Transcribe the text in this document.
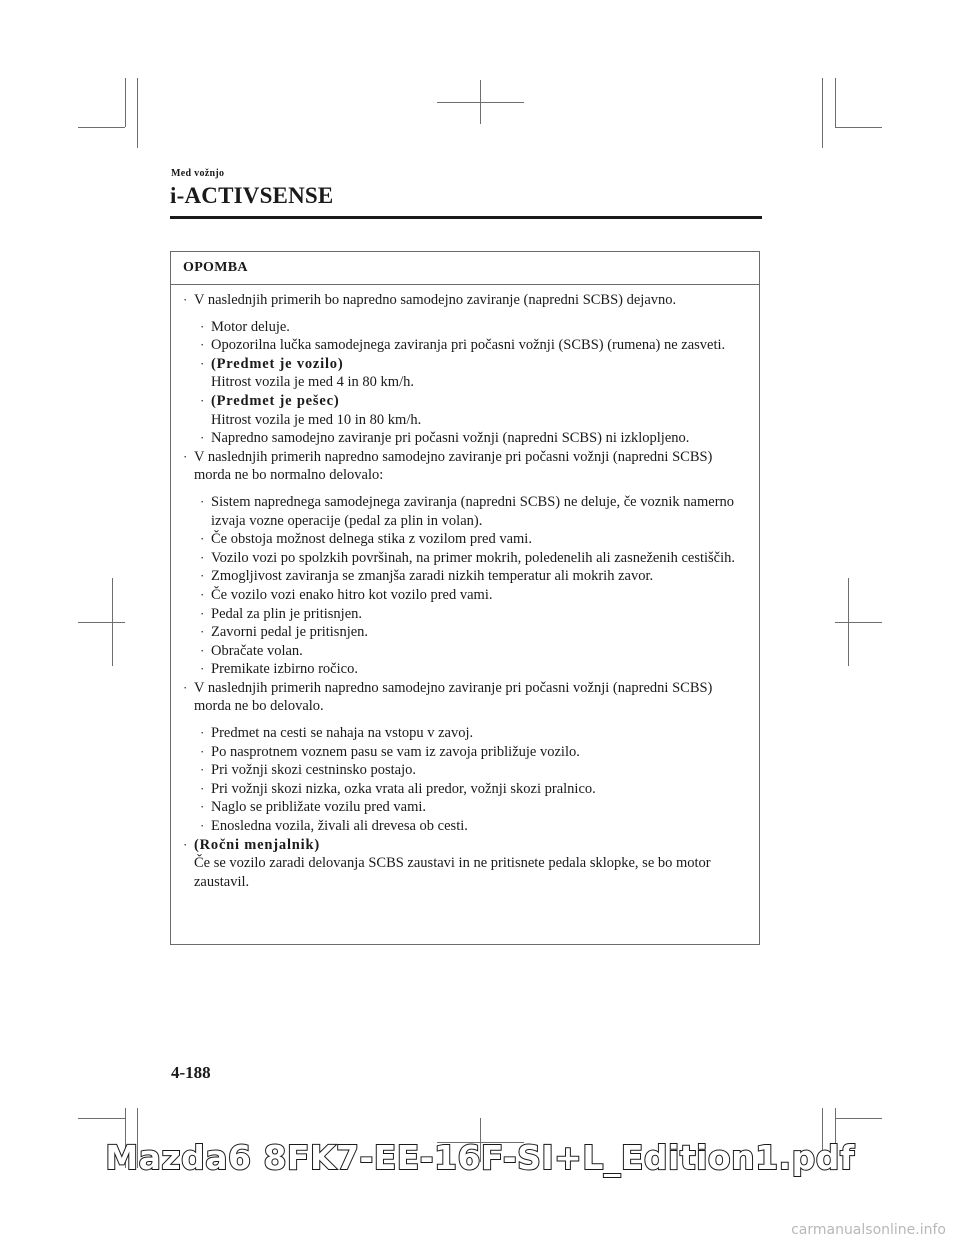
Med vožnjo
i-ACTIVSENSE
OPOMBA
· V naslednjih primerih bo napredno samodejno zaviranje (napredni SCBS) dejavno.
· Motor deluje.
· Opozorilna lučka samodejnega zaviranja pri počasni vožnji (SCBS) (rumena) ne zasveti.
· (Predmet je vozilo)
Hitrost vozila je med 4 in 80 km/h.
· (Predmet je pešec)
Hitrost vozila je med 10 in 80 km/h.
· Napredno samodejno zaviranje pri počasni vožnji (napredni SCBS) ni izklopljeno.
· V naslednjih primerih napredno samodejno zaviranje pri počasni vožnji (napredni SCBS) morda ne bo normalno delovalo:
· Sistem naprednega samodejnega zaviranja (napredni SCBS) ne deluje, če voznik namerno izvaja vozne operacije (pedal za plin in volan).
· Če obstoja možnost delnega stika z vozilom pred vami.
· Vozilo vozi po spolzkih površinah, na primer mokrih, poledenelih ali zasneženih cestiščih.
· Zmogljivost zaviranja se zmanjša zaradi nizkih temperatur ali mokrih zavor.
· Če vozilo vozi enako hitro kot vozilo pred vami.
· Pedal za plin je pritisnjen.
· Zavorni pedal je pritisnjen.
· Obračate volan.
· Premikate izbirno ročico.
· V naslednjih primerih napredno samodejno zaviranje pri počasni vožnji (napredni SCBS) morda ne bo delovalo.
· Predmet na cesti se nahaja na vstopu v zavoj.
· Po nasprotnem voznem pasu se vam iz zavoja približuje vozilo.
· Pri vožnji skozi cestninsko postajo.
· Pri vožnji skozi nizka, ozka vrata ali predor, vožnji skozi pralnico.
· Naglo se približate vozilu pred vami.
· Enosledna vozila, živali ali drevesa ob cesti.
· (Ročni menjalnik)
Če se vozilo zaradi delovanja SCBS zaustavi in ne pritisnete pedala sklopke, se bo motor zaustavil.
4-188
Mazda6 8FK7-EE-16F-SI+L_Edition1.pdf
carmanualsonline.info
